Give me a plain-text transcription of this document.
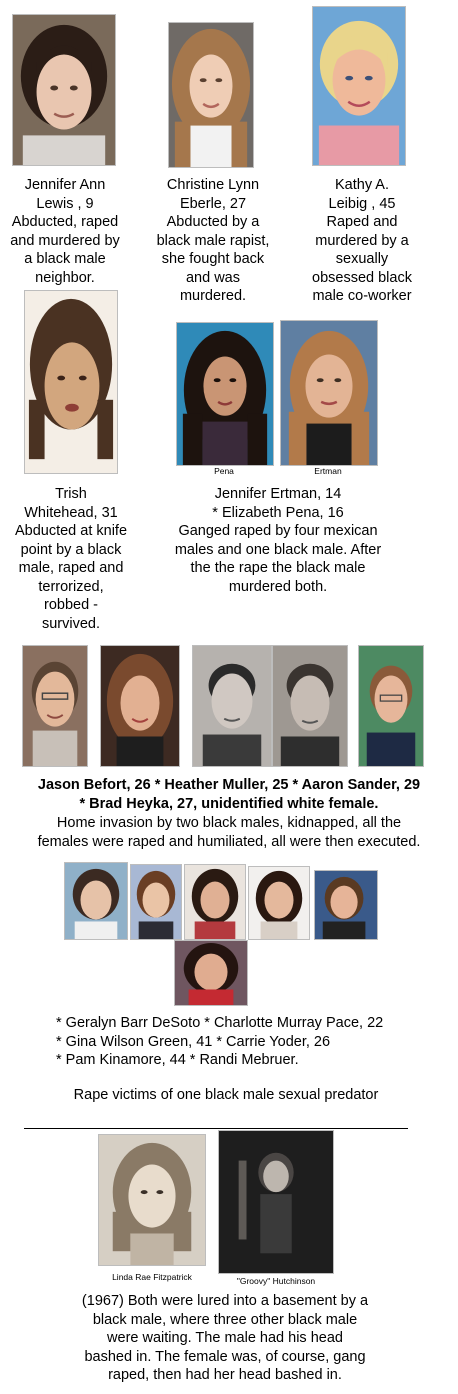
Jennifer Ann
Lewis , 9
Abducted, raped
and murdered by
a black male
neighbor.
Christine Lynn
Eberle, 27
Abducted by a
black male rapist,
she fought back
and was
murdered.
Kathy A.
Leibig , 45
Raped and
murdered by a
sexually
obsessed black
male co-worker
Trish
Whitehead, 31
Abducted at knife
point by a black
male, raped and
terrorized,
robbed -
survived.
Pena	Ertman
Jennifer Ertman, 14
* Elizabeth Pena, 16
Ganged raped by four mexican
males and one black male. After
the the rape the black male
murdered both.
Jason Befort, 26 * Heather Muller, 25 * Aaron Sander, 29
* Brad Heyka, 27, unidentified white female.
Home invasion by two black males, kidnapped, all the
females were raped and humiliated, all were then executed.
* Geralyn Barr DeSoto * Charlotte Murray Pace, 22
* Gina Wilson Green, 41 * Carrie Yoder, 26
* Pam Kinamore, 44 * Randi Mebruer.
Rape victims of one black male sexual predator
Linda Rae Fitzpatrick	"Groovy" Hutchinson
(1967) Both were lured into a basement by a
black male, where three other black male
were waiting. The male had his head
bashed in. The female was, of course, gang
raped, then had her head bashed in.
